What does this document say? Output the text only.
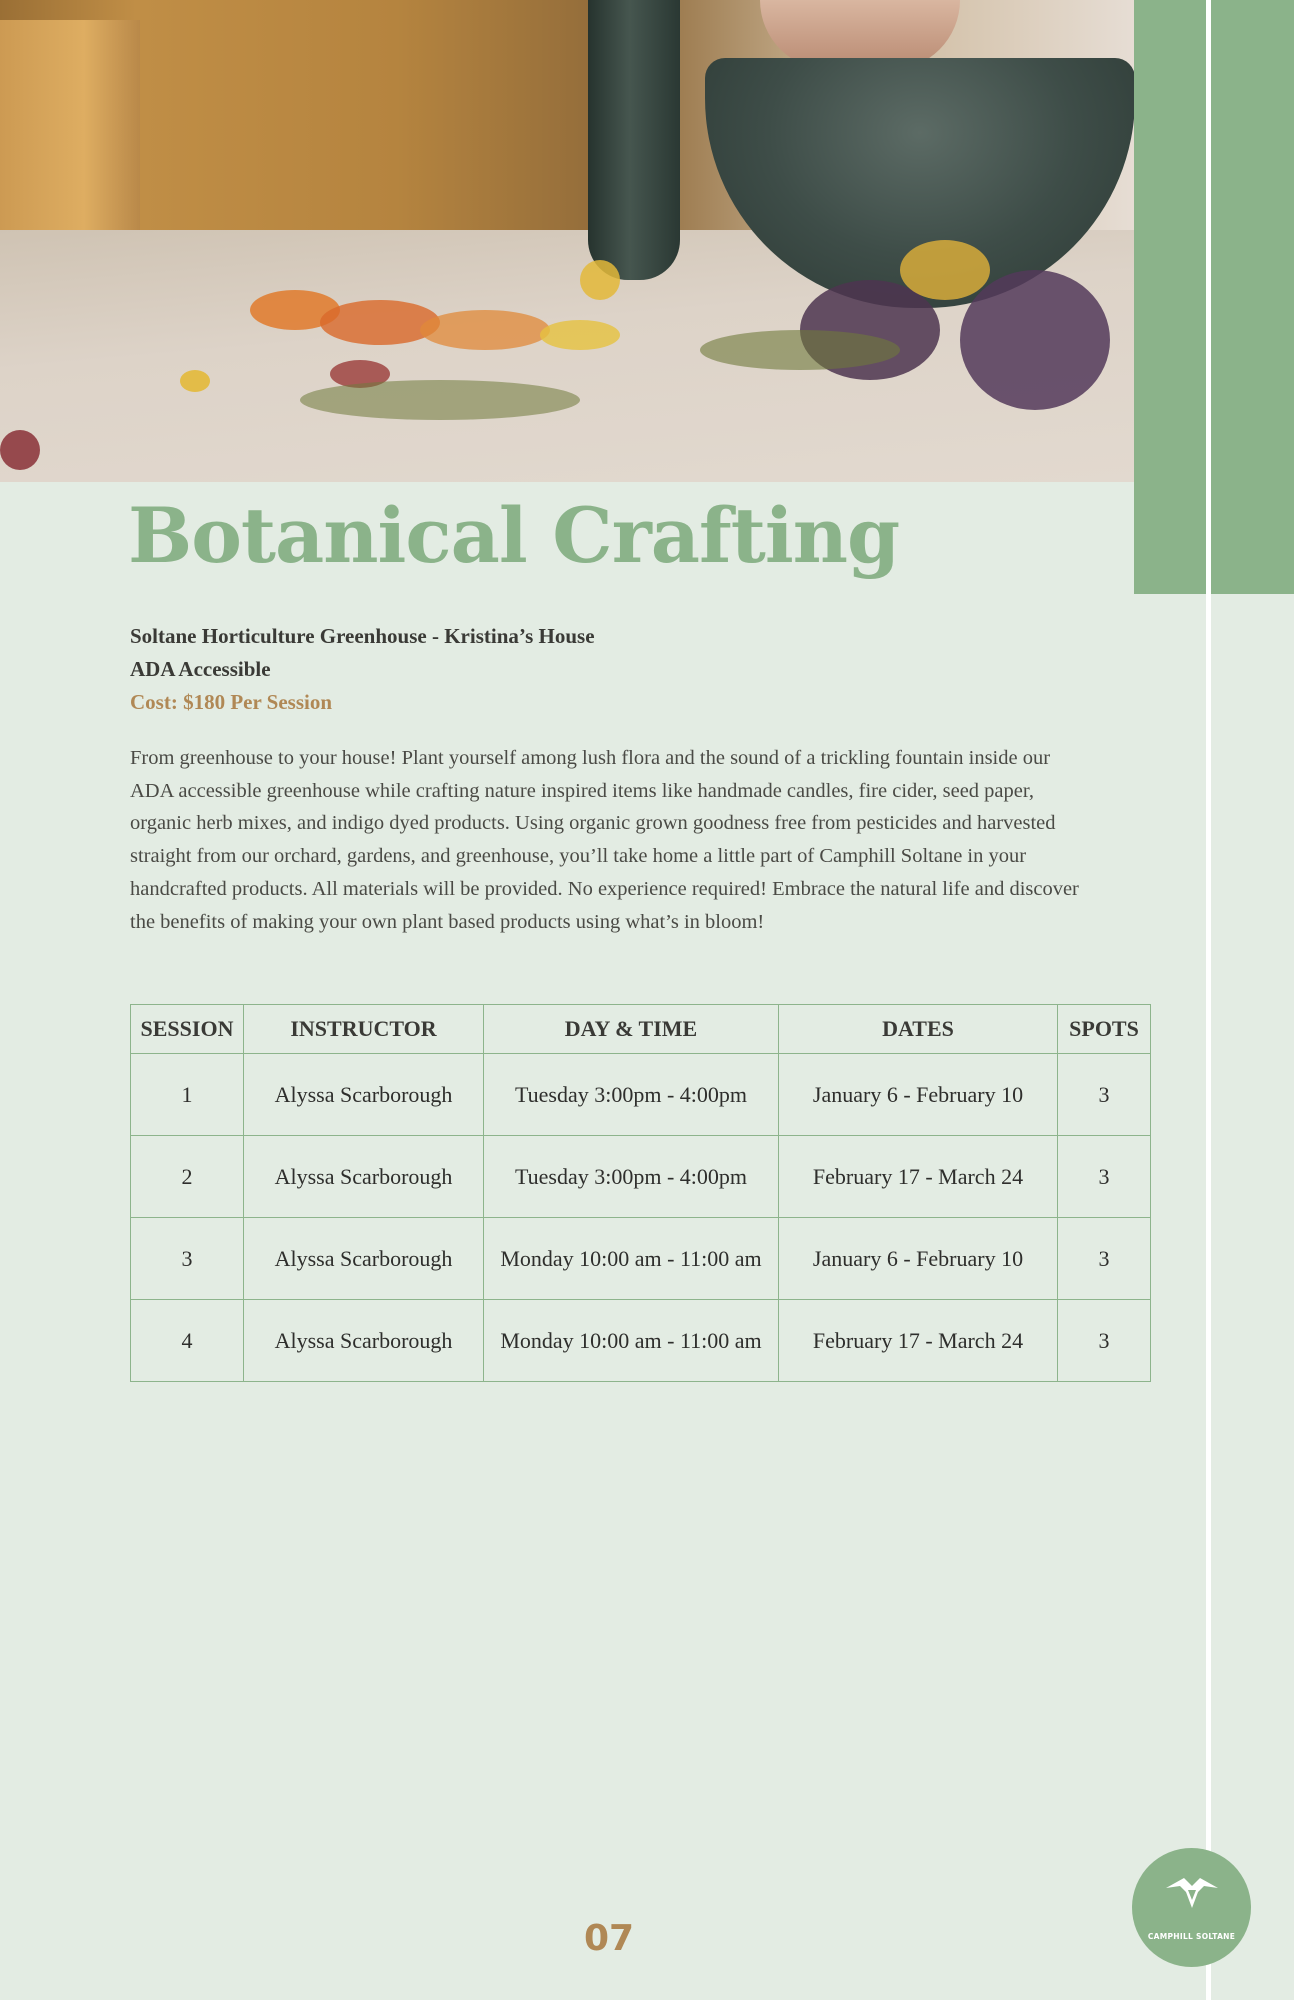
Botanical Crafting
Soltane Horticulture Greenhouse - Kristina’s House
ADA Accessible
Cost: $180 Per Session

From greenhouse to your house! Plant yourself among lush flora and the sound of a trickling fountain inside our ADA accessible greenhouse while crafting nature inspired items like handmade candles, fire cider, seed paper, organic herb mixes, and indigo dyed products. Using organic grown goodness free from pesticides and harvested straight from our orchard, gardens, and greenhouse, you’ll take home a little part of Camphill Soltane in your handcrafted products. All materials will be provided. No experience required! Embrace the natural life and discover the benefits of making your own plant based products using what’s in bloom!

SESSION	INSTRUCTOR	DAY & TIME	DATES	SPOTS
1	Alyssa Scarborough	Tuesday 3:00pm - 4:00pm	January 6 - February 10	3
2	Alyssa Scarborough	Tuesday 3:00pm - 4:00pm	February 17 - March 24	3
3	Alyssa Scarborough	Monday 10:00 am - 11:00 am	January 6 - February 10	3
4	Alyssa Scarborough	Monday 10:00 am - 11:00 am	February 17 - March 24	3
07	CAMPHILL SOLTANE
